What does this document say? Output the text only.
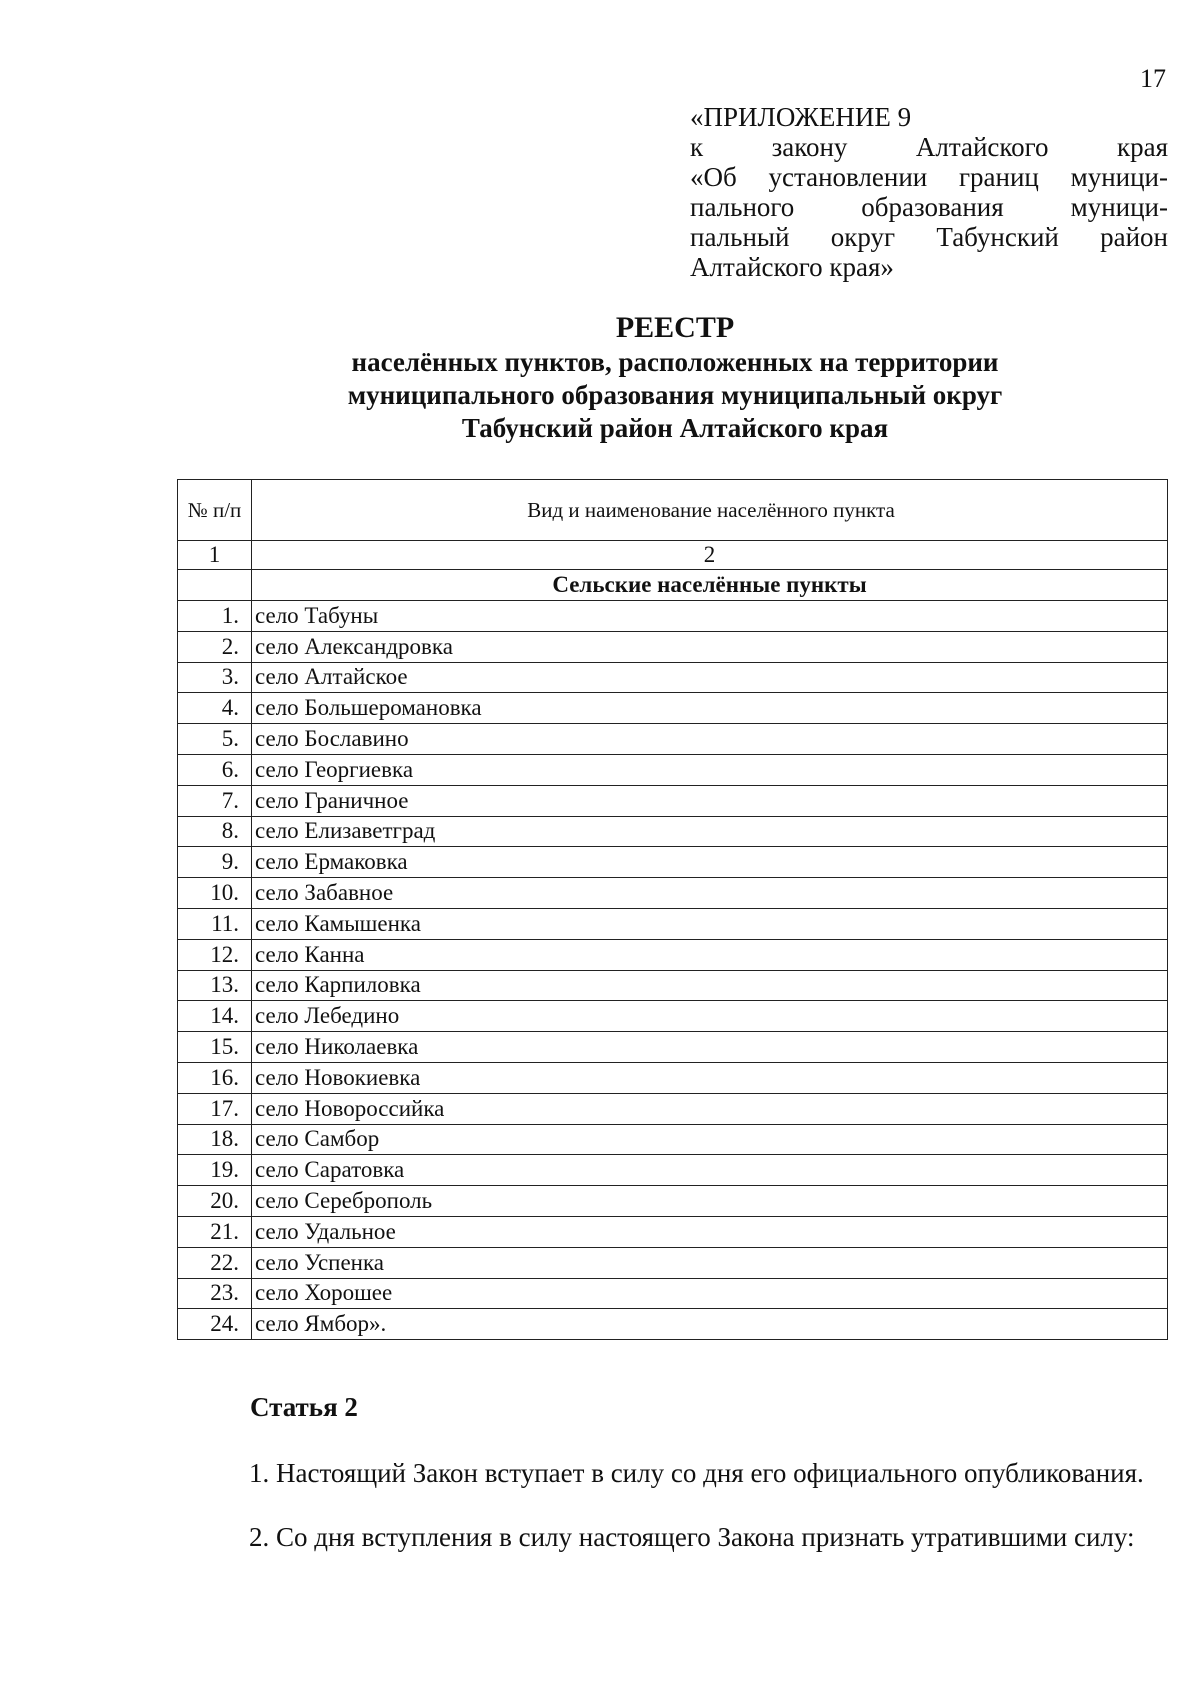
17
«ПРИЛОЖЕНИЕ 9
к закону Алтайского края
«Об установлении границ муници-
пального образования муници-
пальный округ Табунский район
Алтайского края»
РЕЕСТР
населённых пунктов, расположенных на территории
муниципального образования муниципальный округ
Табунский район Алтайского края
№ п/п	Вид и наименование населённого пункта
1	2
	Сельские населённые пункты
1.	село Табуны
2.	село Александровка
3.	село Алтайское
4.	село Большеромановка
5.	село Бославино
6.	село Георгиевка
7.	село Граничное
8.	село Елизаветград
9.	село Ермаковка
10.	село Забавное
11.	село Камышенка
12.	село Канна
13.	село Карпиловка
14.	село Лебедино
15.	село Николаевка
16.	село Новокиевка
17.	село Новороссийка
18.	село Самбор
19.	село Саратовка
20.	село Сереброполь
21.	село Удальное
22.	село Успенка
23.	село Хорошее
24.	село Ямбор».
Статья 2
1. Настоящий Закон вступает в силу со дня его официального опубликования.
2. Со дня вступления в силу настоящего Закона признать утратившими силу:
